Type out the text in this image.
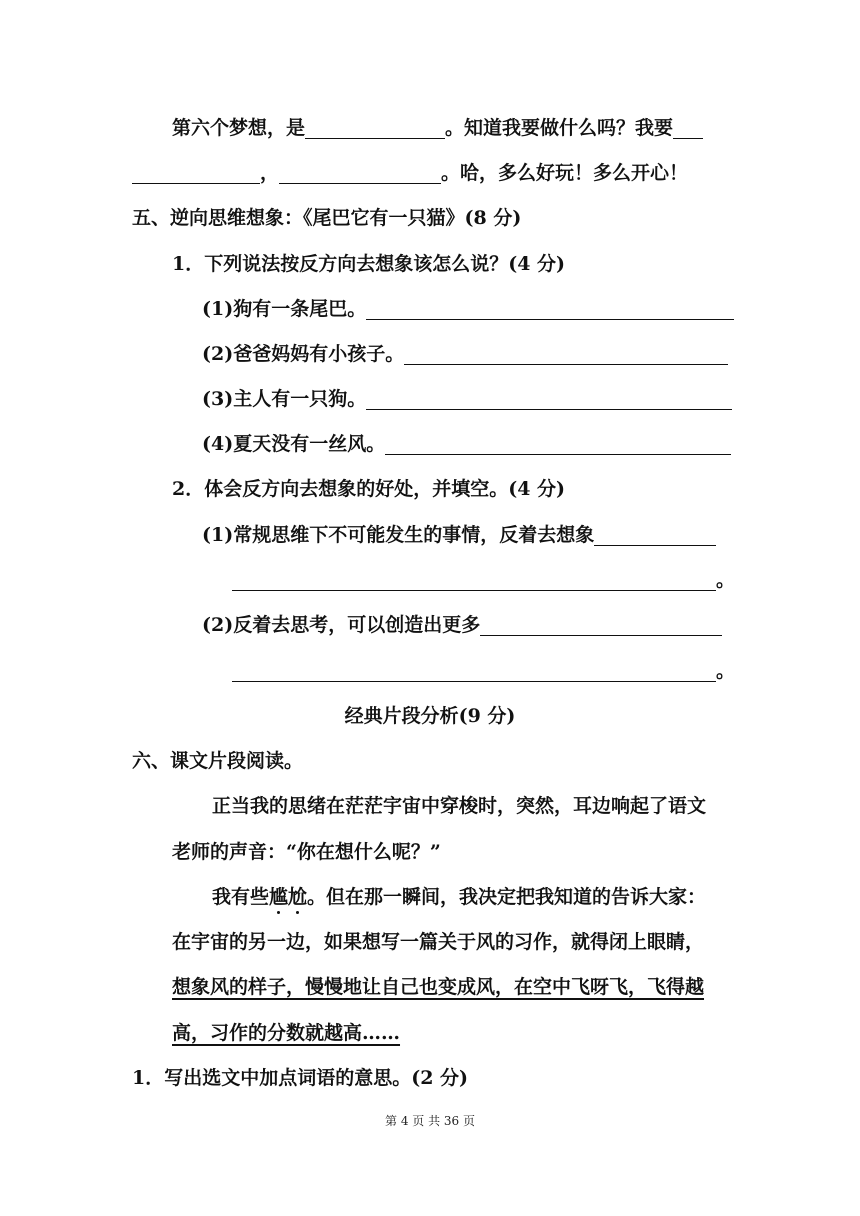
第六个梦想，是	。知道我要做什么吗？我要
，	。哈，多么好玩！多么开心！
五、逆向思维想象：《尾巴它有一只猫》(8 分)
1．下列说法按反方向去想象该怎么说？(4 分)
(1)狗有一条尾巴。
(2)爸爸妈妈有小孩子。
(3)主人有一只狗。
(4)夏天没有一丝风。
2．体会反方向去想象的好处，并填空。(4 分)
(1)常规思维下不可能发生的事情，反着去想象
。
(2)反着去思考，可以创造出更多
。
经典片段分析(9 分)
六、课文片段阅读。
正当我的思绪在茫茫宇宙中穿梭时，突然，耳边响起了语文
老师的声音：“你在想什么呢？”
我有些尴尬。但在那一瞬间，我决定把我知道的告诉大家：
在宇宙的另一边，如果想写一篇关于风的习作，就得闭上眼睛，
想象风的样子，慢慢地让自己也变成风，在空中飞呀飞，飞得越
高，习作的分数就越高……
1．写出选文中加点词语的意思。(2 分)
第 4 页 共 36 页
